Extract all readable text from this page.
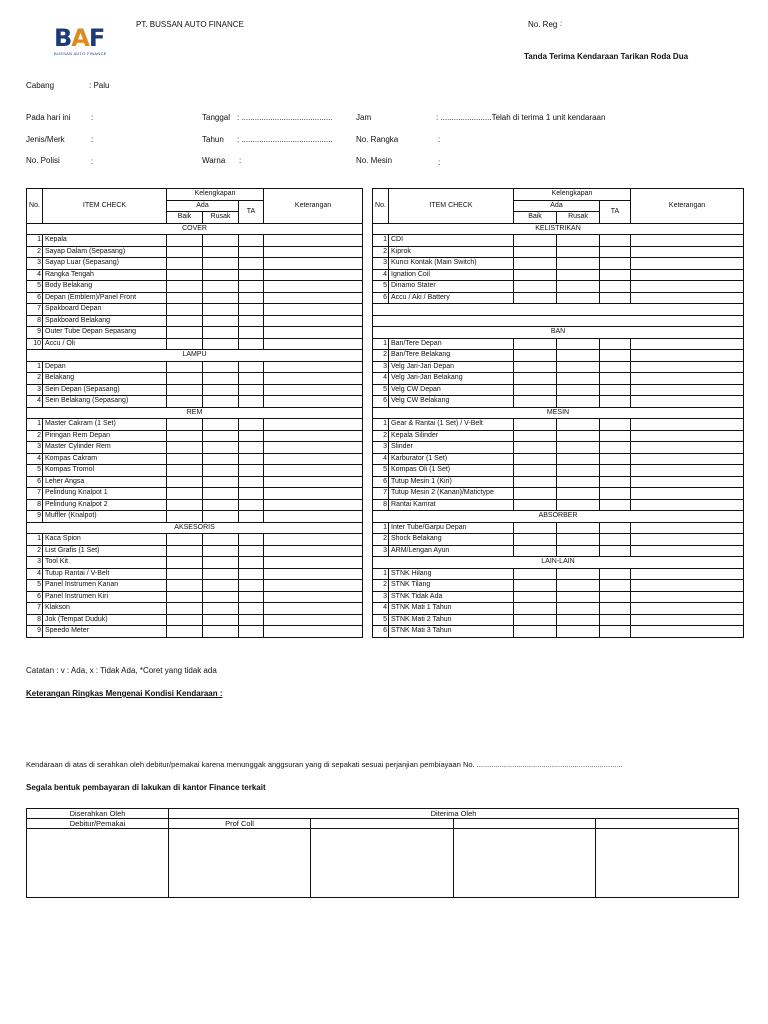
BAF
BUSSAN AUTO FINANCE
PT. BUSSAN AUTO FINANCE	No. Reg :
Tanda Terima Kendaraan Tarikan Roda Dua
Cabang	: Palu
Pada hari ini	:	Tanggal : .........................................	Jam	: .......................Telah di terima 1 unit kendaraan
Jenis/Merk	:	Tahun : .........................................	No. Rangka	:
No. Polisi	:	Warna :	No. Mesin	:
No.	ITEM CHECK	Kelengkapan			Keterangan
		Ada		TA	
		Baik	Rusak		
COVER					
1	Kepala				
2	Sayap Dalam (Sepasang)				
3	Sayap Luar (Sepasang)				
4	Rangka Tengah				
5	Body Belakang				
6	Depan (Emblem)/Panel Front				
7	Spakboard Depan				
8	Spakboard Belakang				
9	Outer Tube Depan Sepasang				
10	Accu / Oli				
LAMPU					
1	Depan				
2	Belakang				
3	Sein Depan (Sepasang)				
4	Sein Belakang (Sepasang)				
REM					
1	Master Cakram (1 Set)				
2	Piringan Rem Depan				
3	Master Cylinder Rem				
4	Kompas Cakram				
5	Kompas Tromol				
6	Leher Angsa				
7	Pelindung Knalpot 1				
8	Pelindung Knalpot 2				
9	Muffler (Knalpot)				
AKSESORIS					
1	Kaca Spion				
2	List Grafis (1 Set)				
3	Tool Kit				
4	Tutup Rantai / V-Belt				
5	Panel Instrumen Kanan				
6	Panel Instrumen Kiri				
7	Klakson				
8	Jok (Tempat Duduk)				
9	Speedo Meter				
No.	ITEM CHECK	Kelengkapan			Keterangan
		Ada		TA	
		Baik	Rusak		
KELISTRIKAN					
1	CDI				
2	Kiprok				
3	Kunci Kontak (Main Switch)				
4	Ignation Coil				
5	Dinamo Stater				
6	Accu / Aki / Battery				

BAN					
1	Ban/Tere Depan				
2	Ban/Tere Belakang				
3	Velg Jari-Jari Depan				
4	Velg Jari-Jari Belakang				
5	Velg CW Depan				
6	Velg CW Belakang				
MESIN					
1	Gear & Rantai (1 Set) / V-Belt				
2	Kepala Silinder				
3	Slinder				
4	Karburator (1 Set)				
5	Kompas Oli (1 Set)				
6	Tutup Mesin 1 (Kiri)				
7	Tutup Mesin 2 (Kanan)/Matictype				
8	Rantai Kamrat				
ABSORBER					
1	Inter Tube/Garpu Depan				
2	Shock Belakang				
3	ARM/Lengan Ayun				
LAIN-LAIN					
1	STNK Hilang				
2	STNK Tilang				
3	STNK Tidak Ada				
4	STNK Mati 1 Tahun				
5	STNK Mati 2 Tahun				
6	STNK Mati 3 Tahun				
Catatan : v : Ada, x : Tidak Ada, *Coret yang tidak ada
Keterangan Ringkas Mengenai Kondisi Kendaraan :
Kendaraan di atas di serahkan oleh debitur/pemakai karena menunggak anggsuran yang di sepakati sesuai perjanjian pembiayaan No. ......................................................................
Segala bentuk pembayaran di lakukan di kantor Finance terkait
Diserahkan Oleh	Diterima Oleh			
Debitur/Pemakai	Prof Coll			
